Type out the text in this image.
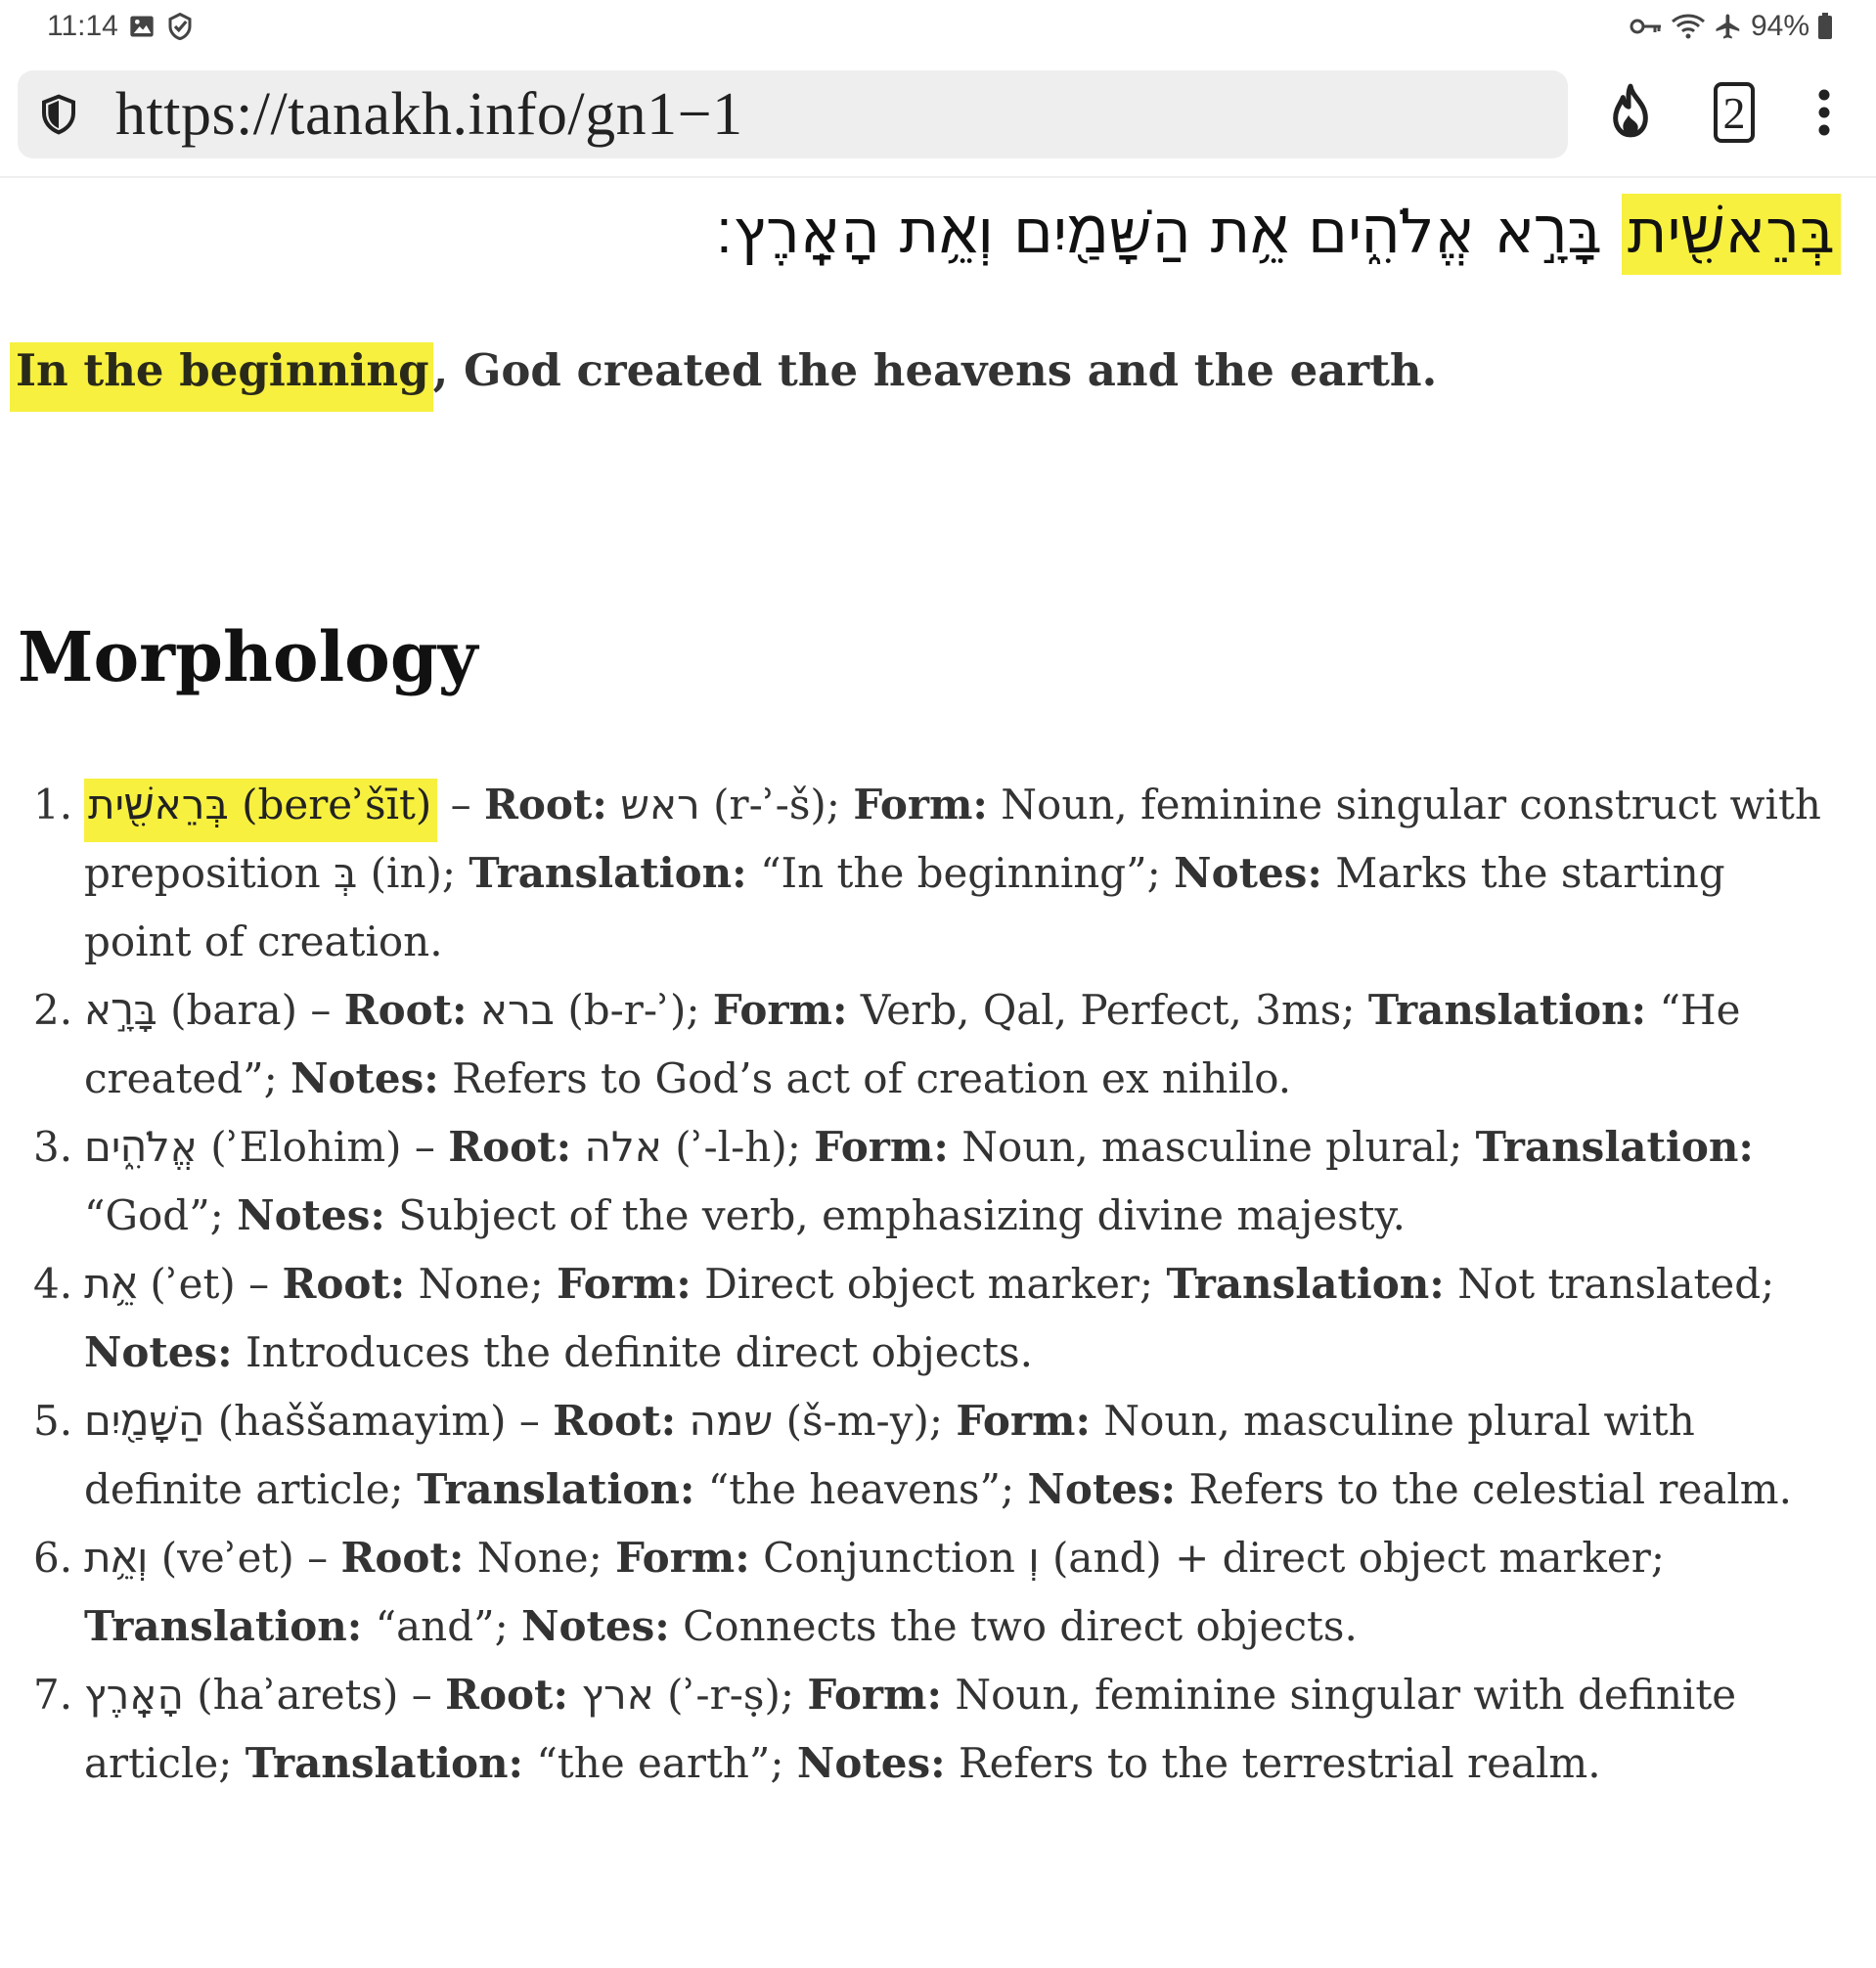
11:14	94%
https://tanakh.info/gn1−1	2
בְּרֵאשִׁ֖ית בָּרָ֣א אֱלֹהִ֑ים אֵ֥ת הַשָּׁמַ֖יִם וְאֵ֥ת הָאָֽרֶץ׃
In the beginning, God created the heavens and the earth.
Morphology
1. בְּרֵאשִׁ֖ית (bereʾšīt) – Root: ראש (r-ʾ-š); Form: Noun, feminine singular construct with preposition בְּ (in); Translation: “In the beginning”; Notes: Marks the starting point of creation.
2. בָּרָ֣א (bara) – Root: ברא (b-r-ʾ); Form: Verb, Qal, Perfect, 3ms; Translation: “He created”; Notes: Refers to God’s act of creation ex nihilo.
3. אֱלֹהִ֑ים (ʾElohim) – Root: אלה (ʾ-l-h); Form: Noun, masculine plural; Translation: “God”; Notes: Subject of the verb, emphasizing divine majesty.
4. אֵ֥ת (ʾet) – Root: None; Form: Direct object marker; Translation: Not translated; Notes: Introduces the definite direct objects.
5. הַשָּׁמַ֖יִם (haššamayim) – Root: שמה (š-m-y); Form: Noun, masculine plural with definite article; Translation: “the heavens”; Notes: Refers to the celestial realm.
6. וְאֵ֥ת (veʾet) – Root: None; Form: Conjunction וְ (and) + direct object marker; Translation: “and”; Notes: Connects the two direct objects.
7. הָאָֽרֶץ (haʾarets) – Root: ארץ (ʾ-r-ṣ); Form: Noun, feminine singular with definite article; Translation: “the earth”; Notes: Refers to the terrestrial realm.
